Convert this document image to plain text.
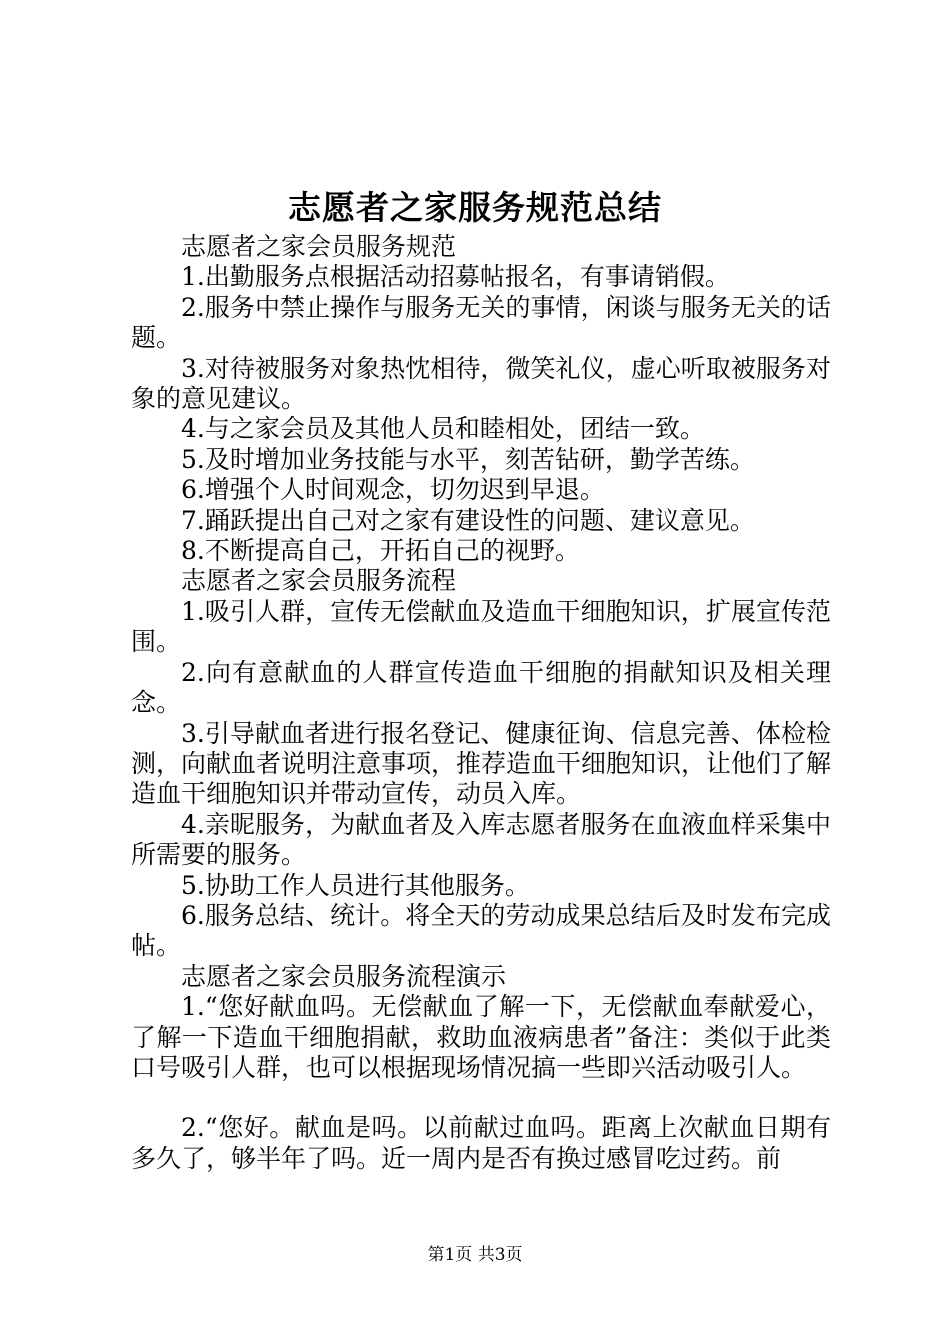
志愿者之家服务规范总结

志愿者之家会员服务规范

1.出勤服务点根据活动招募帖报名，有事请销假。

2.服务中禁止操作与服务无关的事情，闲谈与服务无关的话题。

3.对待被服务对象热忱相待，微笑礼仪，虚心听取被服务对象的意见建议。

4.与之家会员及其他人员和睦相处，团结一致。

5.及时增加业务技能与水平，刻苦钻研，勤学苦练。

6.增强个人时间观念，切勿迟到早退。

7.踊跃提出自己对之家有建设性的问题、建议意见。

8.不断提高自己，开拓自己的视野。

志愿者之家会员服务流程

1.吸引人群，宣传无偿献血及造血干细胞知识，扩展宣传范围。

2.向有意献血的人群宣传造血干细胞的捐献知识及相关理念。

3.引导献血者进行报名登记、健康征询、信息完善、体检检测，向献血者说明注意事项，推荐造血干细胞知识，让他们了解造血干细胞知识并带动宣传，动员入库。

4.亲昵服务，为献血者及入库志愿者服务在血液血样采集中所需要的服务。

5.协助工作人员进行其他服务。

6.服务总结、统计。将全天的劳动成果总结后及时发布完成帖。

志愿者之家会员服务流程演示

1.“您好献血吗。无偿献血了解一下，无偿献血奉献爱心，了解一下造血干细胞捐献，救助血液病患者”备注：类似于此类口号吸引人群，也可以根据现场情况搞一些即兴活动吸引人。

2.“您好。献血是吗。以前献过血吗。距离上次献血日期有多久了，够半年了吗。近一周内是否有换过感冒吃过药。前

第1页 共3页
